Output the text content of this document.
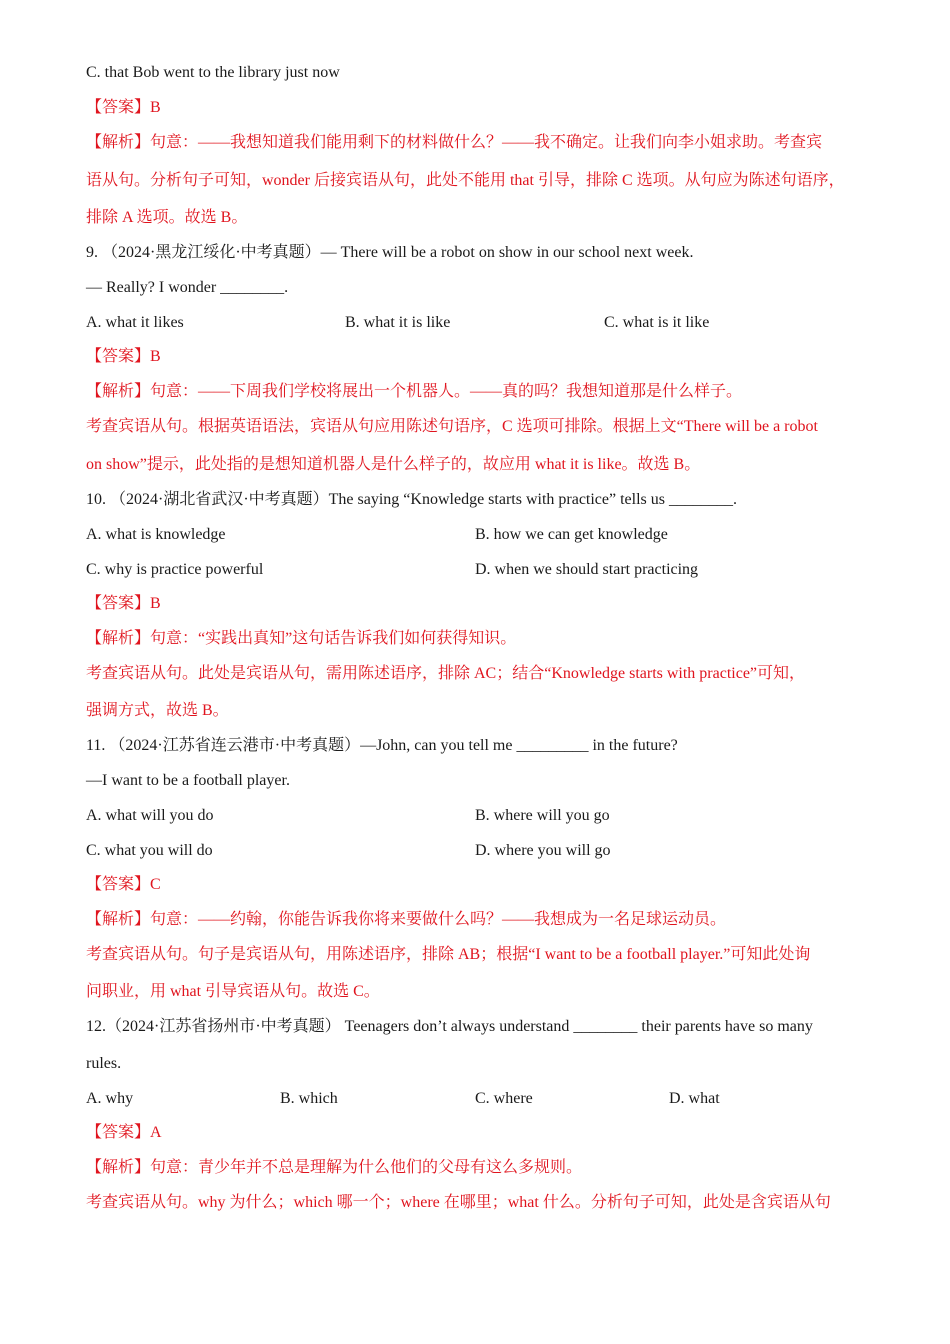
C. that Bob went to the library just now
【答案】B
【解析】句意：——我想知道我们能用剩下的材料做什么？——我不确定。让我们向李小姐求助。考查宾
语从句。分析句子可知，wonder 后接宾语从句，此处不能用 that 引导，排除 C 选项。从句应为陈述句语序，
排除 A 选项。故选 B。
9. （2024·黑龙江绥化·中考真题）— There will be a robot on show in our school next week.
— Really? I wonder ________.
A. what it likes	B. what it is like	C. what is it like
【答案】B
【解析】句意：——下周我们学校将展出一个机器人。——真的吗？我想知道那是什么样子。
考查宾语从句。根据英语语法，宾语从句应用陈述句语序，C 选项可排除。根据上文“There will be a robot
on show”提示，此处指的是想知道机器人是什么样子的，故应用 what it is like。故选 B。
10. （2024·湖北省武汉·中考真题）The saying “Knowledge starts with practice” tells us ________.
A. what is knowledge	B. how we can get knowledge
C. why is practice powerful	D. when we should start practicing
【答案】B
【解析】句意：“实践出真知”这句话告诉我们如何获得知识。
考查宾语从句。此处是宾语从句，需用陈述语序，排除 AC；结合“Knowledge starts with practice”可知，
强调方式，故选 B。
11. （2024·江苏省连云港市·中考真题）—John, can you tell me _________ in the future?
—I want to be a football player.
A. what will you do	B. where will you go
C. what you will do	D. where you will go
【答案】C
【解析】句意：——约翰，你能告诉我你将来要做什么吗？——我想成为一名足球运动员。
考查宾语从句。句子是宾语从句，用陈述语序，排除 AB；根据“I want to be a football player.”可知此处询
问职业，用 what 引导宾语从句。故选 C。
12.（2024·江苏省扬州市·中考真题） Teenagers don’t always understand ________ their parents have so many
rules.
A. why	B. which	C. where	D. what
【答案】A
【解析】句意：青少年并不总是理解为什么他们的父母有这么多规则。
考查宾语从句。why 为什么；which 哪一个；where 在哪里；what 什么。分析句子可知，此处是含宾语从句
